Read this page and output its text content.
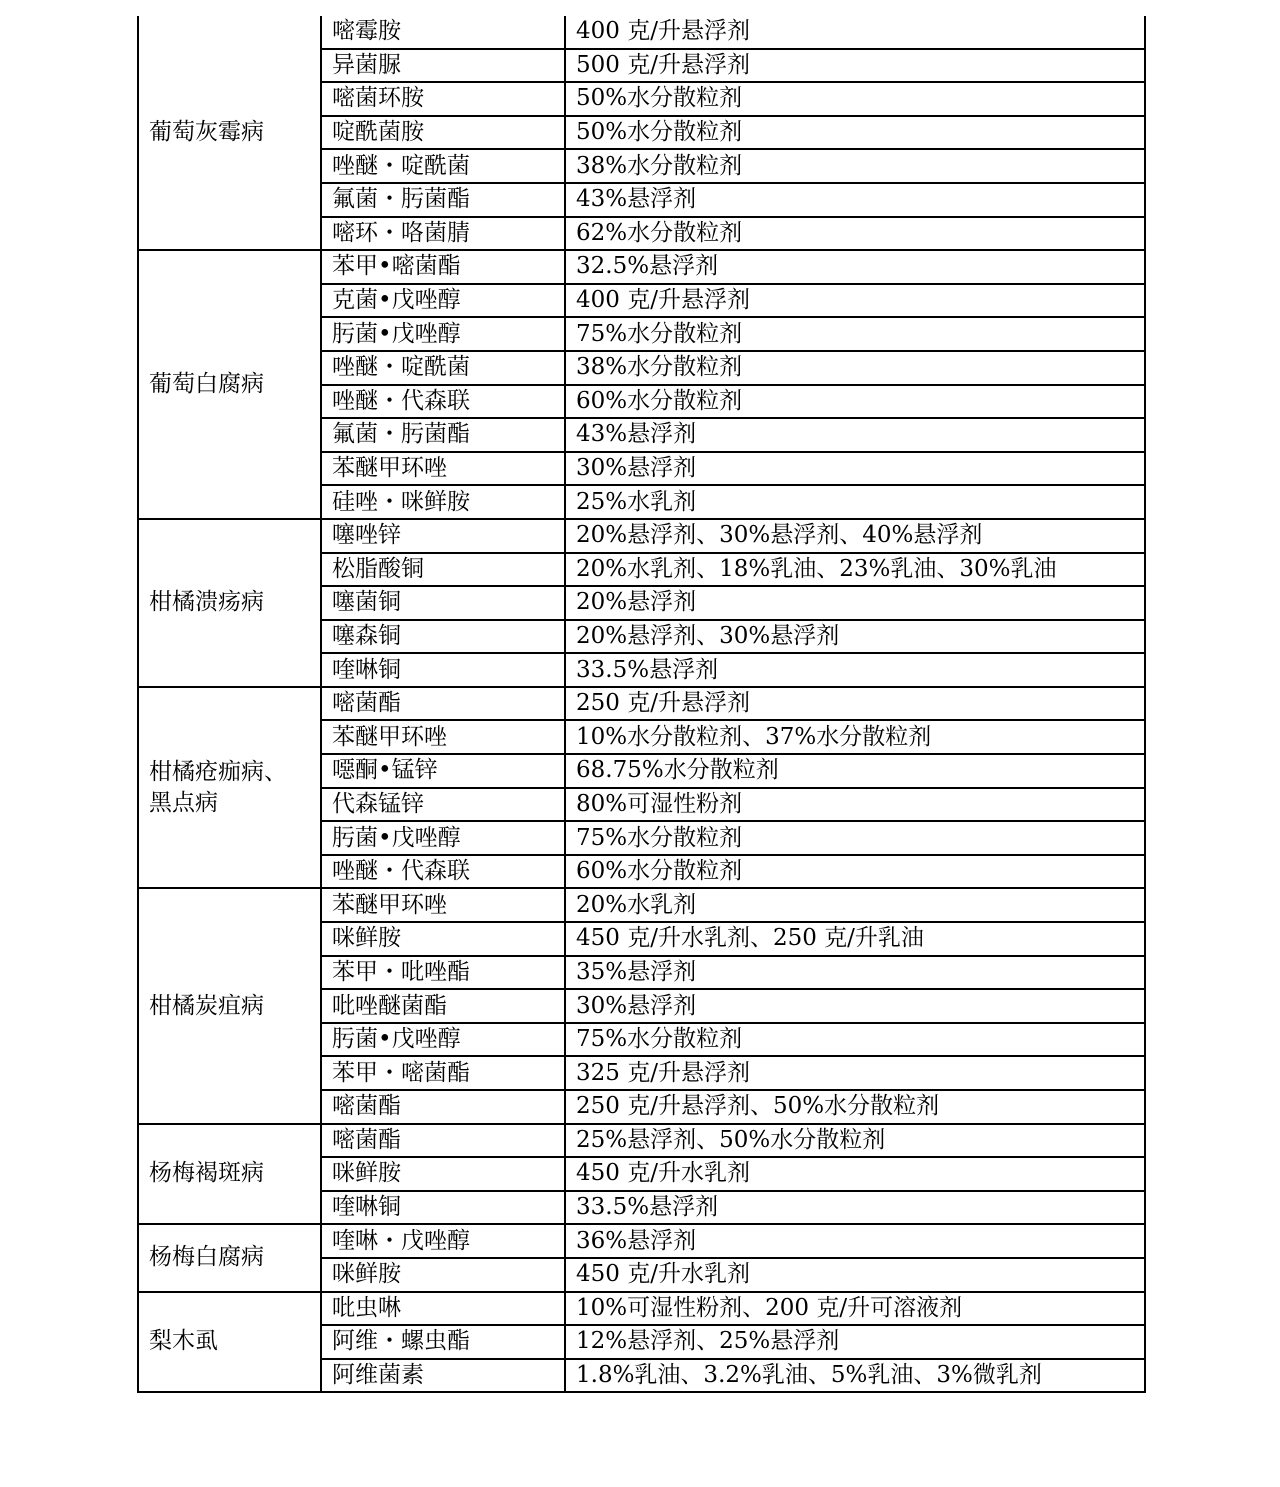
葡萄灰霉病	嘧霉胺	400 克/升悬浮剂
	异菌脲	500 克/升悬浮剂
	嘧菌环胺	50%水分散粒剂
	啶酰菌胺	50%水分散粒剂
	唑醚・啶酰菌	38%水分散粒剂
	氟菌・肟菌酯	43%悬浮剂
	嘧环・咯菌腈	62%水分散粒剂
葡萄白腐病	苯甲•嘧菌酯	32.5%悬浮剂
	克菌•戊唑醇	400 克/升悬浮剂
	肟菌•戊唑醇	75%水分散粒剂
	唑醚・啶酰菌	38%水分散粒剂
	唑醚・代森联	60%水分散粒剂
	氟菌・肟菌酯	43%悬浮剂
	苯醚甲环唑	30%悬浮剂
	硅唑・咪鲜胺	25%水乳剂
柑橘溃疡病	噻唑锌	20%悬浮剂、30%悬浮剂、40%悬浮剂
	松脂酸铜	20%水乳剂、18%乳油、23%乳油、30%乳油
	噻菌铜	20%悬浮剂
	噻森铜	20%悬浮剂、30%悬浮剂
	喹啉铜	33.5%悬浮剂
柑橘疮痂病、
黑点病	嘧菌酯	250 克/升悬浮剂
	苯醚甲环唑	10%水分散粒剂、37%水分散粒剂
	噁酮•锰锌	68.75%水分散粒剂
	代森锰锌	80%可湿性粉剂
	肟菌•戊唑醇	75%水分散粒剂
	唑醚・代森联	60%水分散粒剂
柑橘炭疽病	苯醚甲环唑	20%水乳剂
	咪鲜胺	450 克/升水乳剂、250 克/升乳油
	苯甲・吡唑酯	35%悬浮剂
	吡唑醚菌酯	30%悬浮剂
	肟菌•戊唑醇	75%水分散粒剂
	苯甲・嘧菌酯	325 克/升悬浮剂
	嘧菌酯	250 克/升悬浮剂、50%水分散粒剂
杨梅褐斑病	嘧菌酯	25%悬浮剂、50%水分散粒剂
	咪鲜胺	450 克/升水乳剂
	喹啉铜	33.5%悬浮剂
杨梅白腐病	喹啉・戊唑醇	36%悬浮剂
	咪鲜胺	450 克/升水乳剂
梨木虱	吡虫啉	10%可湿性粉剂、200 克/升可溶液剂
	阿维・螺虫酯	12%悬浮剂、25%悬浮剂
	阿维菌素	1.8%乳油、3.2%乳油、5%乳油、3%微乳剂
